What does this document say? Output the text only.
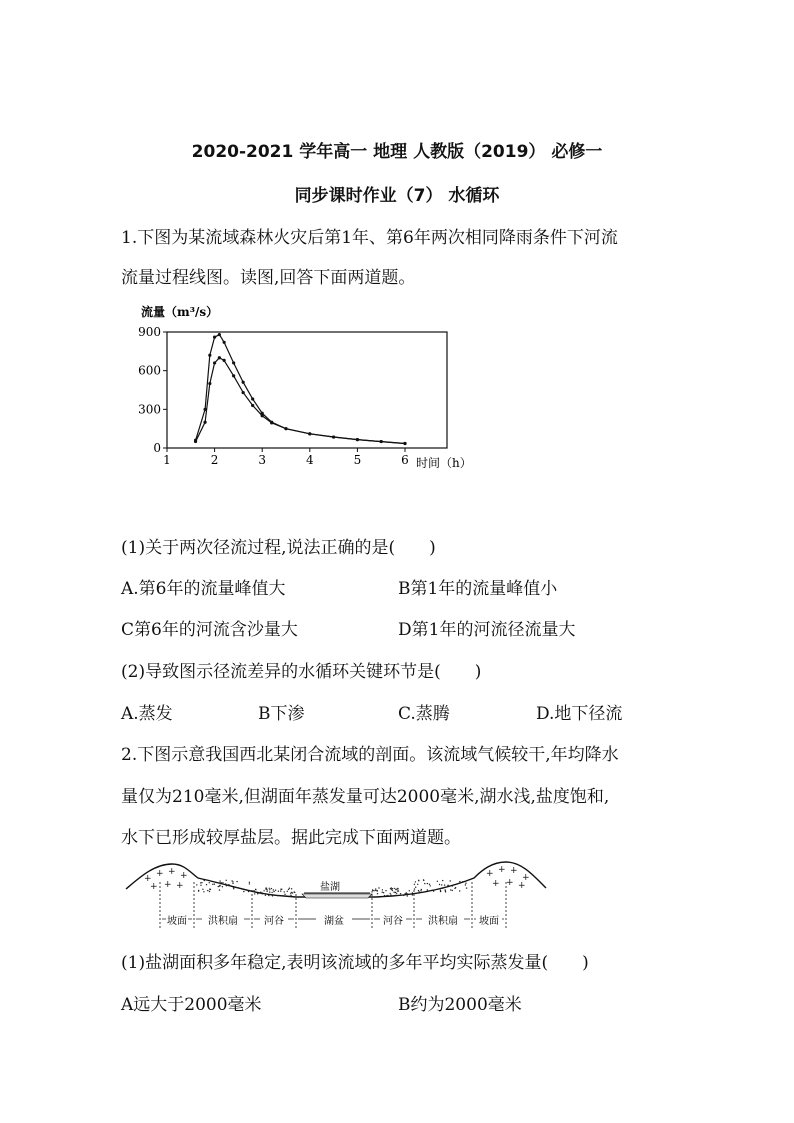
2020-2021 学年高一 地理 人教版（2019） 必修一
同步课时作业（7） 水循环
1.下图为某流域森林火灾后第1年、第6年两次相同降雨条件下河流
流量过程线图。读图,回答下面两道题。
流量（m³/s）
时间（h）
0
300
600
900
1	2	3	4	5	6
(1)关于两次径流过程,说法正确的是(　　)
A.第6年的流量峰值大	B第1年的流量峰值小
C第6年的河流含沙量大	D第1年的河流径流量大
(2)导致图示径流差异的水循环关键环节是(　　)
A.蒸发	B下渗	C.蒸腾	D.地下径流
2.下图示意我国西北某闭合流域的剖面。该流域气候较干,年均降水
量仅为210毫米,但湖面年蒸发量可达2000毫米,湖水浅,盐度饱和,
水下已形成较厚盐层。据此完成下面两道题。
+ + + +
+ + +
+ + +
+
+ + +
盐湖
坡面 洪积扇	河谷	湖盆	河谷	洪积扇 坡面
(1)盐湖面积多年稳定,表明该流域的多年平均实际蒸发量(　　)
A远大于2000毫米	B约为2000毫米
